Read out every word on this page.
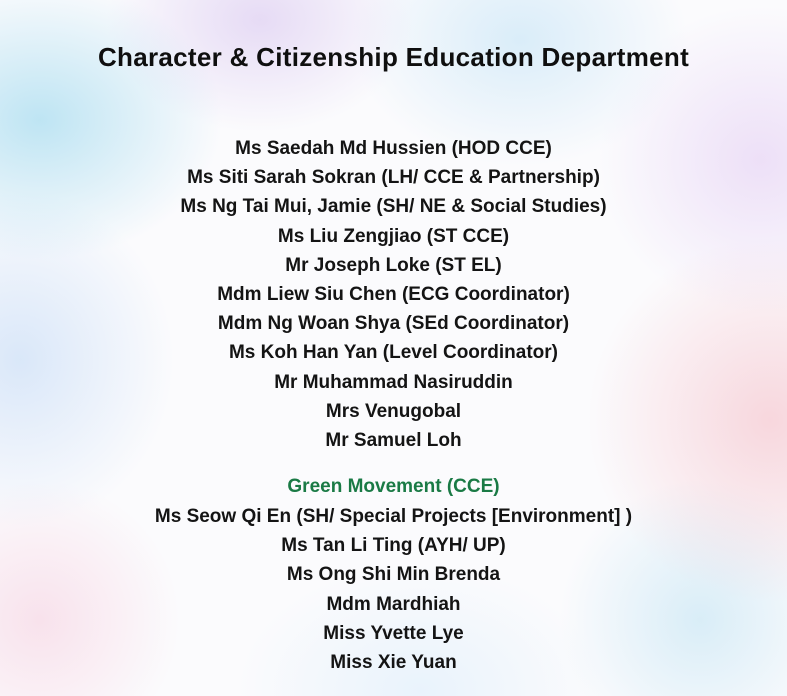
Character & Citizenship Education Department
Ms Saedah Md Hussien (HOD CCE)
Ms Siti Sarah Sokran (LH/ CCE & Partnership)
Ms Ng Tai Mui, Jamie (SH/ NE & Social Studies)
Ms Liu Zengjiao (ST CCE)
Mr Joseph Loke (ST EL)
Mdm Liew Siu Chen (ECG Coordinator)
Mdm Ng Woan Shya (SEd Coordinator)
Ms Koh Han Yan (Level Coordinator)
Mr Muhammad Nasiruddin
Mrs Venugobal
Mr Samuel Loh
Green Movement (CCE)
Ms Seow Qi En (SH/ Special Projects [Environment] )
Ms Tan Li Ting (AYH/ UP)
Ms Ong Shi Min Brenda
Mdm Mardhiah
Miss Yvette Lye
Miss Xie Yuan
